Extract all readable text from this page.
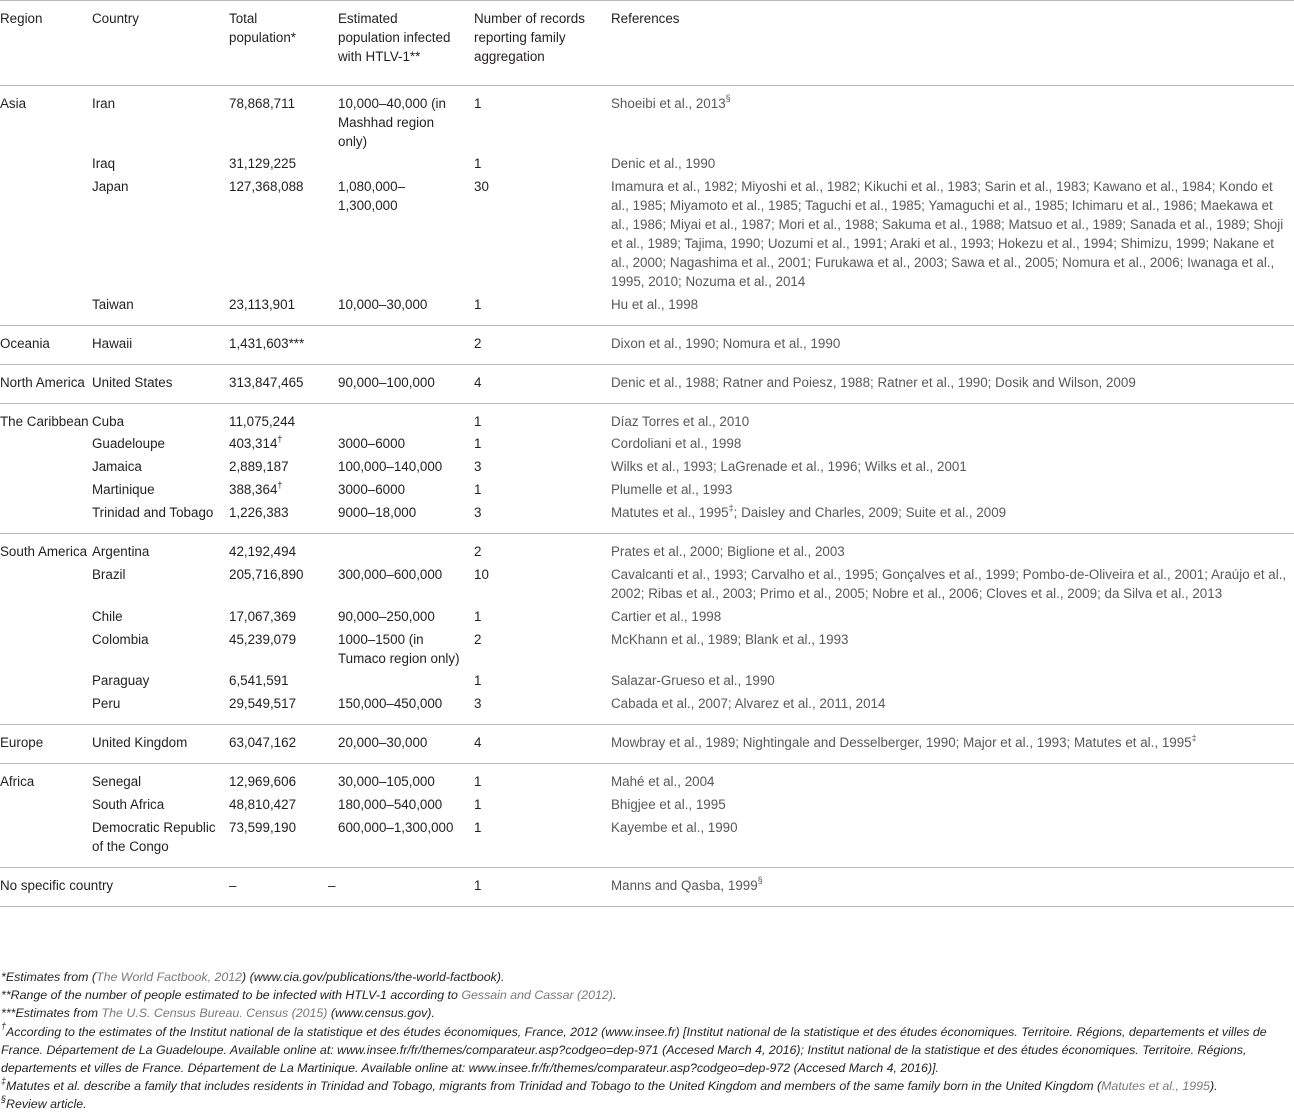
Region	Country	Total population*	Estimated population infected with HTLV-1**	Number of records reporting family aggregation	References
Asia	Iran	78,868,711	10,000–40,000 (in Mashhad region only)	1	Shoeibi et al., 2013§
	Iraq	31,129,225		1	Denic et al., 1990
	Japan	127,368,088	1,080,000–1,300,000	30	Imamura et al., 1982; Miyoshi et al., 1982; Kikuchi et al., 1983; Sarin et al., 1983; Kawano et al., 1984; Kondo et al., 1985; Miyamoto et al., 1985; Taguchi et al., 1985; Yamaguchi et al., 1985; Ichimaru et al., 1986; Maekawa et al., 1986; Miyai et al., 1987; Mori et al., 1988; Sakuma et al., 1988; Matsuo et al., 1989; Sanada et al., 1989; Shoji et al., 1989; Tajima, 1990; Uozumi et al., 1991; Araki et al., 1993; Hokezu et al., 1994; Shimizu, 1999; Nakane et al., 2000; Nagashima et al., 2001; Furukawa et al., 2003; Sawa et al., 2005; Nomura et al., 2006; Iwanaga et al., 1995, 2010; Nozuma et al., 2014
	Taiwan	23,113,901	10,000–30,000	1	Hu et al., 1998
Oceania	Hawaii	1,431,603***		2	Dixon et al., 1990; Nomura et al., 1990
North America	United States	313,847,465	90,000–100,000	4	Denic et al., 1988; Ratner and Poiesz, 1988; Ratner et al., 1990; Dosik and Wilson, 2009
The Caribbean	Cuba	11,075,244		1	Díaz Torres et al., 2010
	Guadeloupe	403,314†	3000–6000	1	Cordoliani et al., 1998
	Jamaica	2,889,187	100,000–140,000	3	Wilks et al., 1993; LaGrenade et al., 1996; Wilks et al., 2001
	Martinique	388,364†	3000–6000	1	Plumelle et al., 1993
	Trinidad and Tobago	1,226,383	9000–18,000	3	Matutes et al., 1995‡; Daisley and Charles, 2009; Suite et al., 2009
South America	Argentina	42,192,494		2	Prates et al., 2000; Biglione et al., 2003
	Brazil	205,716,890	300,000–600,000	10	Cavalcanti et al., 1993; Carvalho et al., 1995; Gonçalves et al., 1999; Pombo-de-Oliveira et al., 2001; Araújo et al., 2002; Ribas et al., 2003; Primo et al., 2005; Nobre et al., 2006; Cloves et al., 2009; da Silva et al., 2013
	Chile	17,067,369	90,000–250,000	1	Cartier et al., 1998
	Colombia	45,239,079	1000–1500 (in Tumaco region only)	2	McKhann et al., 1989; Blank et al., 1993
	Paraguay	6,541,591		1	Salazar-Grueso et al., 1990
	Peru	29,549,517	150,000–450,000	3	Cabada et al., 2007; Alvarez et al., 2011, 2014
Europe	United Kingdom	63,047,162	20,000–30,000	4	Mowbray et al., 1989; Nightingale and Desselberger, 1990; Major et al., 1993; Matutes et al., 1995‡
Africa	Senegal	12,969,606	30,000–105,000	1	Mahé et al., 2004
	South Africa	48,810,427	180,000–540,000	1	Bhigjee et al., 1995
	Democratic Republic of the Congo	73,599,190	600,000–1,300,000	1	Kayembe et al., 1990
No specific country		–	–	1	Manns and Qasba, 1999§

*Estimates from (The World Factbook, 2012) (www.cia.gov/publications/the-world-factbook).

**Range of the number of people estimated to be infected with HTLV-1 according to Gessain and Cassar (2012).

***Estimates from The U.S. Census Bureau. Census (2015) (www.census.gov).

†According to the estimates of the Institut national de la statistique et des études économiques, France, 2012 (www.insee.fr) [Institut national de la statistique et des études économiques. Territoire. Régions, departements et villes de France. Département de La Guadeloupe. Available online at: www.insee.fr/fr/themes/comparateur.asp?codgeo=dep-971 (Accesed March 4, 2016); Institut national de la statistique et des études économiques. Territoire. Régions, departements et villes de France. Département de La Martinique. Available online at: www.insee.fr/fr/themes/comparateur.asp?codgeo=dep-972 (Accesed March 4, 2016)].

‡Matutes et al. describe a family that includes residents in Trinidad and Tobago, migrants from Trinidad and Tobago to the United Kingdom and members of the same family born in the United Kingdom (Matutes et al., 1995).

§Review article.
